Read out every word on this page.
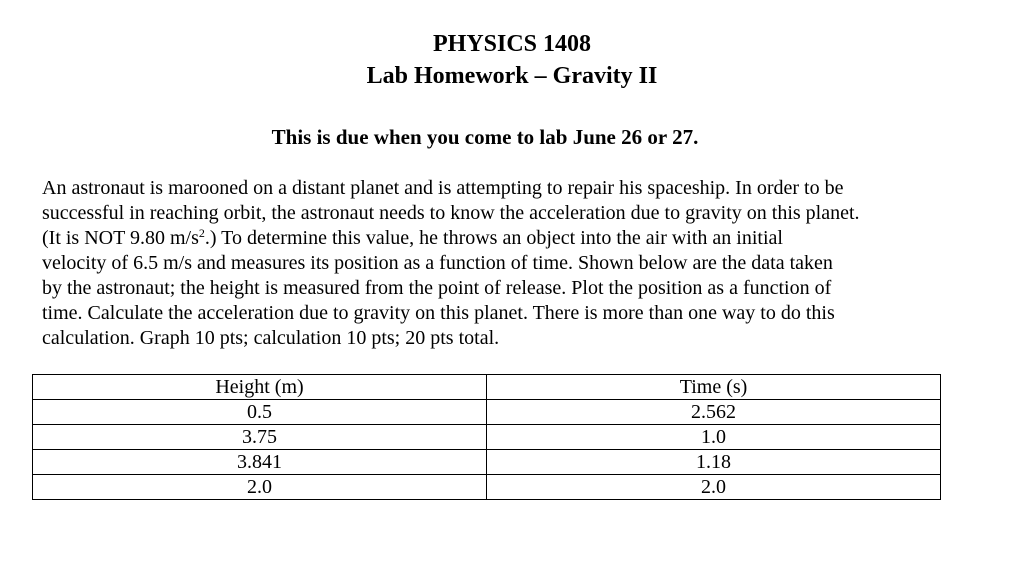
PHYSICS 1408
Lab Homework – Gravity II
This is due when you come to lab June 26 or 27.
An astronaut is marooned on a distant planet and is attempting to repair his spaceship. In order to be
successful in reaching orbit, the astronaut needs to know the acceleration due to gravity on this planet.
(It is NOT 9.80 $m/s^2$.) To determine this value, he throws an object into the air with an initial
velocity of 6.5 m/s and measures its position as a function of time. Shown below are the data taken
by the astronaut; the height is measured from the point of release. Plot the position as a function of
time. Calculate the acceleration due to gravity on this planet. There is more than one way to do this
calculation. Graph 10 pts; calculation 10 pts; 20 pts total.
Height (m)	Time (s)
0.5	2.562
3.75	1.0
3.841	1.18
2.0	2.0
